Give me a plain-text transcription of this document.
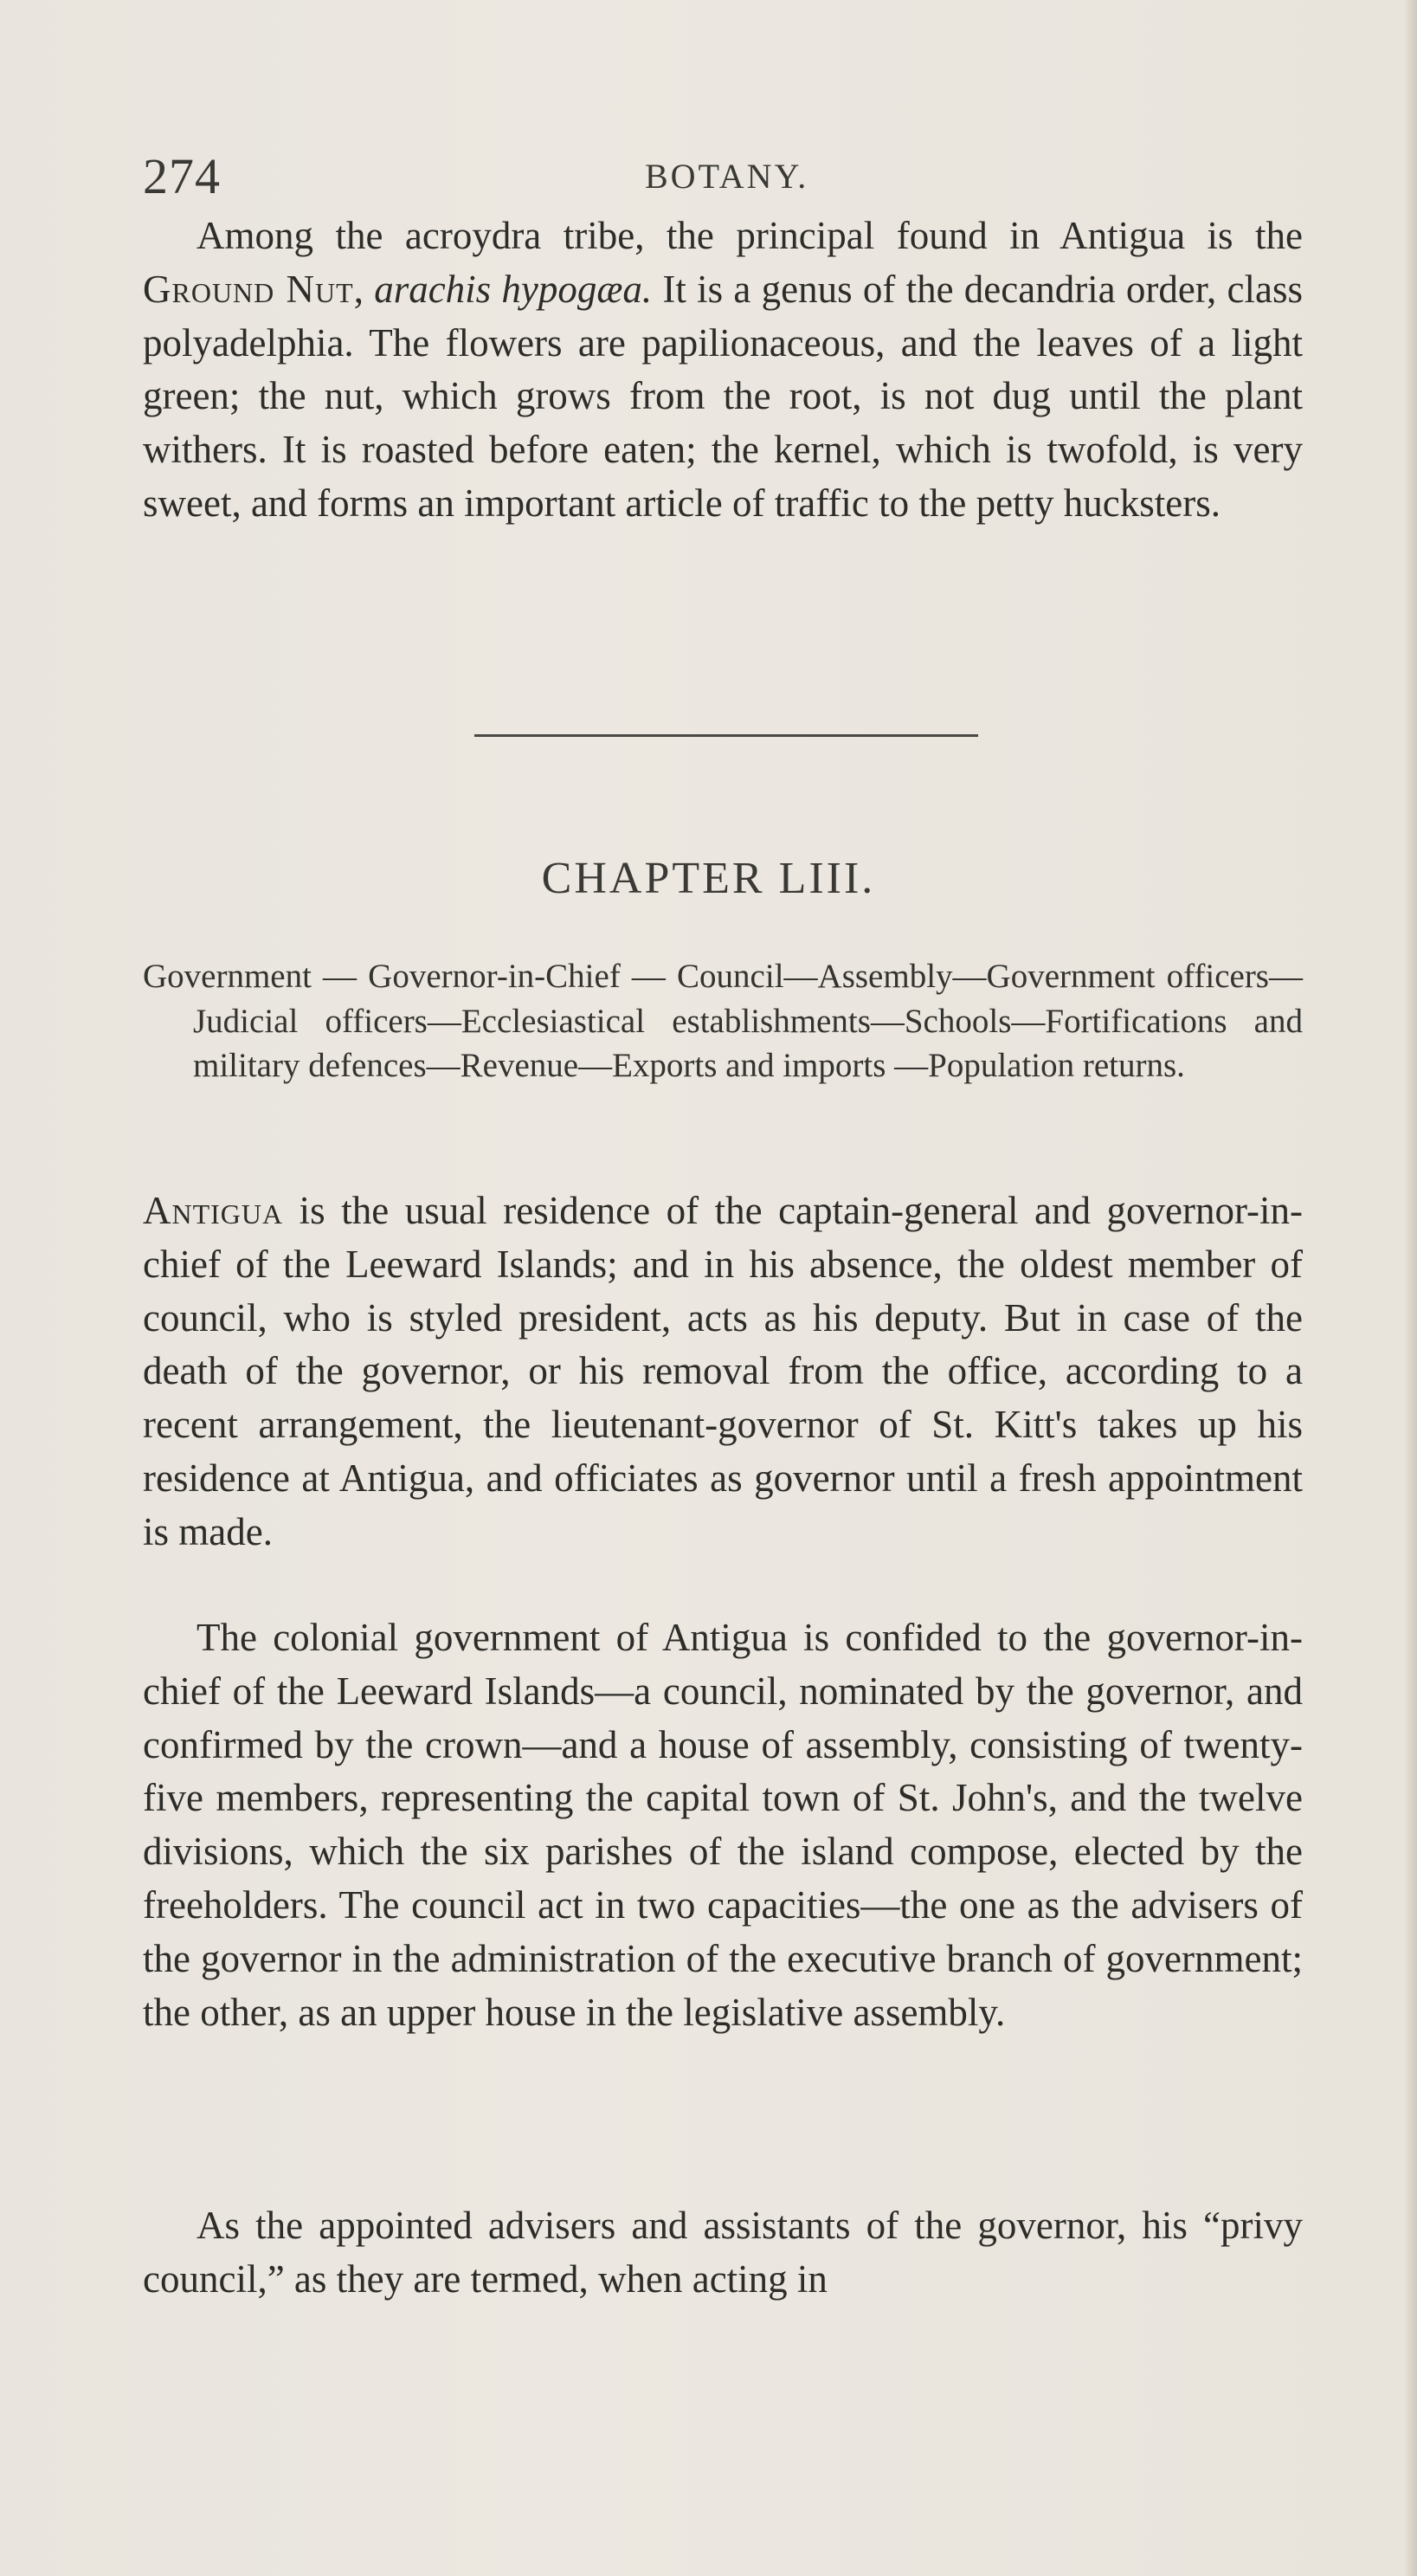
274	BOTANY.

Among the acroydra tribe, the principal found in Antigua is the Ground Nut, arachis hypogæa. It is a genus of the decandria order, class polyadelphia. The flowers are papilionaceous, and the leaves of a light green; the nut, which grows from the root, is not dug until the plant withers. It is roasted before eaten; the kernel, which is twofold, is very sweet, and forms an important article of traffic to the petty hucksters.

CHAPTER LIII.

Government — Governor-in-Chief — Council—Assembly—Government officers—Judicial officers—Ecclesiastical establishments—Schools—Fortifications and military defences—Revenue—Exports and imports —Population returns.

Antigua is the usual residence of the captain-general and governor-in-chief of the Leeward Islands; and in his absence, the oldest member of council, who is styled president, acts as his deputy. But in case of the death of the governor, or his removal from the office, according to a recent arrangement, the lieutenant-governor of St. Kitt's takes up his residence at Antigua, and officiates as governor until a fresh appointment is made.

The colonial government of Antigua is confided to the governor-in-chief of the Leeward Islands—a council, nominated by the governor, and confirmed by the crown—and a house of assembly, consisting of twenty-five members, representing the capital town of St. John's, and the twelve divisions, which the six parishes of the island compose, elected by the freeholders. The council act in two capacities—the one as the advisers of the governor in the administration of the executive branch of government; the other, as an upper house in the legislative assembly.

As the appointed advisers and assistants of the governor, his “privy council,” as they are termed, when acting in
